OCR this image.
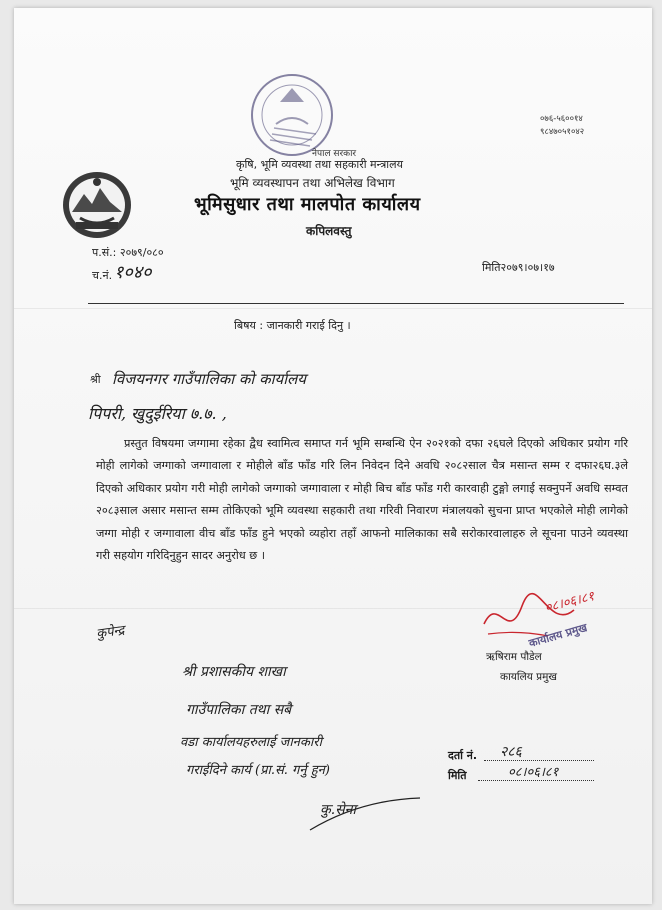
नेपाल सरकार
कृषि, भूमि व्यवस्था तथा सहकारी मन्त्रालय
भूमि व्यवस्थापन तथा अभिलेख विभाग
भूमिसुधार तथा मालपोत कार्यालय
कपिलवस्तु
०७६-५६००१४
९८४७०५१०४२
प.सं.: २०७९/०८०
च.नं. १०४०	मिति२०७९।०७।१७
बिषय : जानकारी गराई दिनु ।
श्री विजयनगर गाउँपालिका को कार्यालय
पिपरी, खुदुईरिया ७.७. ,
प्रस्तुत विषयमा जग्गामा रहेका द्वैध स्वामित्व समाप्त गर्न भूमि सम्बन्धि ऐन २०२१को दफा २६घले दिएको अधिकार प्रयोग गरि मोही लागेको जग्गाको जग्गावाला र मोहीले बाँड फाँड गरि लिन निवेदन दिने अवधि २०८२साल चैत्र मसान्त सम्म र दफा२६घ.३ले दिएको अधिकार प्रयोग गरी मोही लागेको जग्गाको जग्गावाला र मोही बिच बाँड फाँड गरी कारवाही टुङ्गो लगाई सक्नुपर्ने अवधि सम्वत २०८३साल असार मसान्त सम्म तोकिएको भूमि व्यवस्था सहकारी तथा गरिवी निवारण मंत्रालयको सुचना प्राप्त भएकोले मोही लागेको जग्गा मोही र जग्गावाला वीच बाँड फाँड हुने भएको व्यहोरा तहाँ आफनो मालिकाका सबै सरोकारवालाहरु ले सूचना पाउने व्यवस्था गरी सहयोग गरिदिनुहुन सादर अनुरोध छ ।
०८।०६।८१
कार्यालय प्रमुख
ऋषिराम पौडेल
कायलिय प्रमुख
कुपेन्द्र
श्री प्रशासकीय शाखा
गाउँपालिका तथा सबै
वडा कार्यालयहरुलाई जानकारी
गराईदिने कार्य (प्रा.सं. गर्नु हुन)
कु.सेना
दर्ता नं. २८६
मिति	०८।०६।८१
